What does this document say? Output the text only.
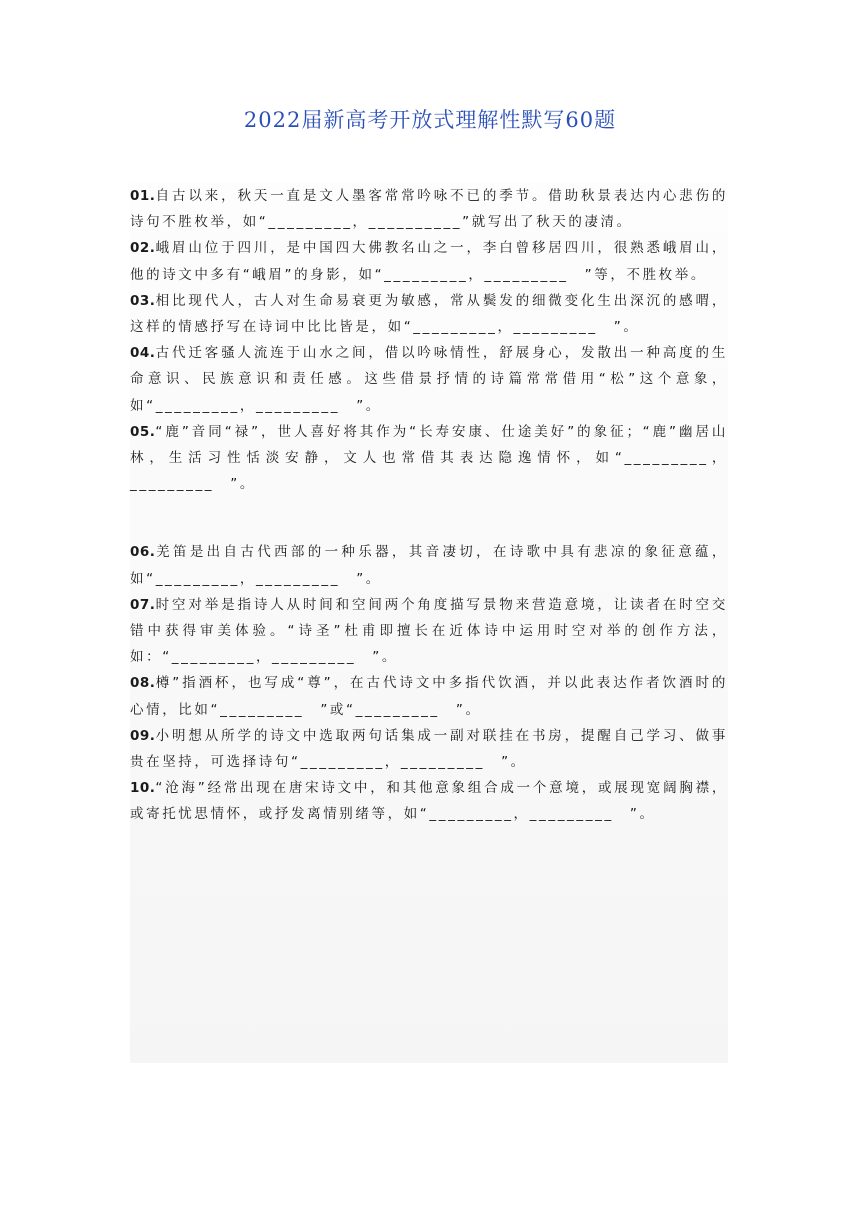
2022届新高考开放式理解性默写60题

01.自古以来，秋天一直是文人墨客常常吟咏不已的季节。借助秋景表达内心悲伤的诗句不胜枚举，如“_________，__________”就写出了秋天的凄清。

02.峨眉山位于四川，是中国四大佛教名山之一，李白曾移居四川，很熟悉峨眉山，他的诗文中多有“峨眉”的身影，如“_________，_________　”等，不胜枚举。

03.相比现代人，古人对生命易衰更为敏感，常从鬓发的细微变化生出深沉的感喟，这样的情感抒写在诗词中比比皆是，如“_________，_________　”。

04.古代迁客骚人流连于山水之间，借以吟咏情性，舒展身心，发散出一种高度的生命意识、民族意识和责任感。这些借景抒情的诗篇常常借用“松”这个意象，如“_________，_________　”。

05.“鹿”音同“禄”，世人喜好将其作为“长寿安康、仕途美好”的象征；“鹿”幽居山林，生活习性恬淡安静，文人也常借其表达隐逸情怀，如“_________，_________　”。

06.羌笛是出自古代西部的一种乐器，其音凄切，在诗歌中具有悲凉的象征意蕴，如“_________，_________　”。

07.时空对举是指诗人从时间和空间两个角度描写景物来营造意境，让读者在时空交错中获得审美体验。“诗圣”杜甫即擅长在近体诗中运用时空对举的创作方法，如：“_________，_________　”。

08.樽”指酒杯，也写成“尊”，在古代诗文中多指代饮酒，并以此表达作者饮酒时的心情，比如“_________　”或“_________　”。

09.小明想从所学的诗文中选取两句话集成一副对联挂在书房，提醒自己学习、做事贵在坚持，可选择诗句“_________，_________　”。

10.“沧海”经常出现在唐宋诗文中，和其他意象组合成一个意境，或展现宽阔胸襟，或寄托忧思情怀，或抒发离情别绪等，如“_________，_________　”。
